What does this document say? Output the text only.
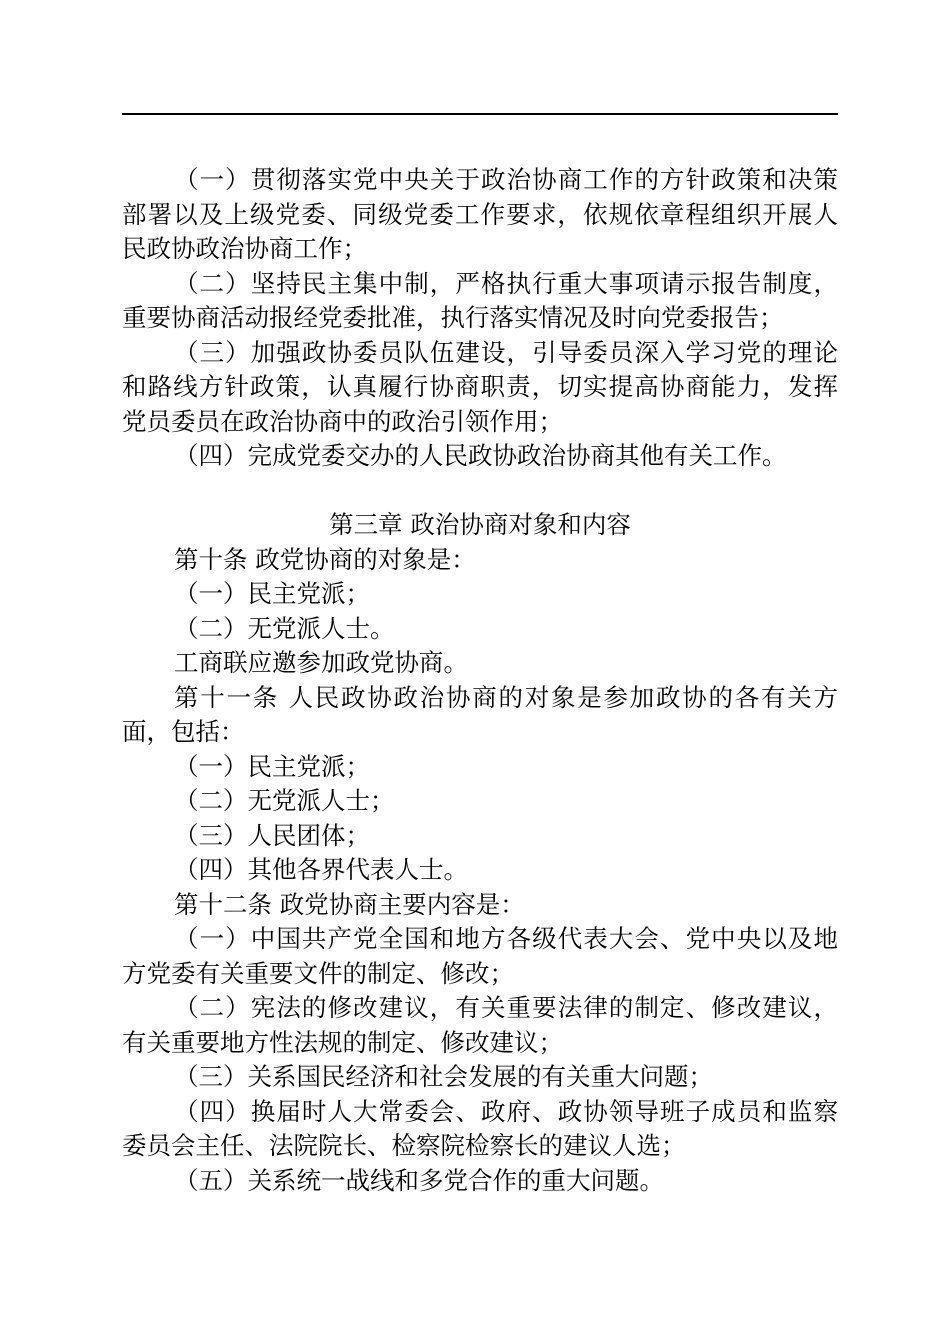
（一）贯彻落实党中央关于政治协商工作的方针政策和决策
部署以及上级党委、同级党委工作要求，依规依章程组织开展人
民政协政治协商工作；
（二）坚持民主集中制，严格执行重大事项请示报告制度，
重要协商活动报经党委批准，执行落实情况及时向党委报告；
（三）加强政协委员队伍建设，引导委员深入学习党的理论
和路线方针政策，认真履行协商职责，切实提高协商能力，发挥
党员委员在政治协商中的政治引领作用；
（四）完成党委交办的人民政协政治协商其他有关工作。
第三章 政治协商对象和内容
第十条 政党协商的对象是：
（一）民主党派；
（二）无党派人士。
工商联应邀参加政党协商。
第十一条 人民政协政治协商的对象是参加政协的各有关方
面，包括：
（一）民主党派；
（二）无党派人士；
（三）人民团体；
（四）其他各界代表人士。
第十二条 政党协商主要内容是：
（一）中国共产党全国和地方各级代表大会、党中央以及地
方党委有关重要文件的制定、修改；
（二）宪法的修改建议，有关重要法律的制定、修改建议，
有关重要地方性法规的制定、修改建议；
（三）关系国民经济和社会发展的有关重大问题；
（四）换届时人大常委会、政府、政协领导班子成员和监察
委员会主任、法院院长、检察院检察长的建议人选；
（五）关系统一战线和多党合作的重大问题。
